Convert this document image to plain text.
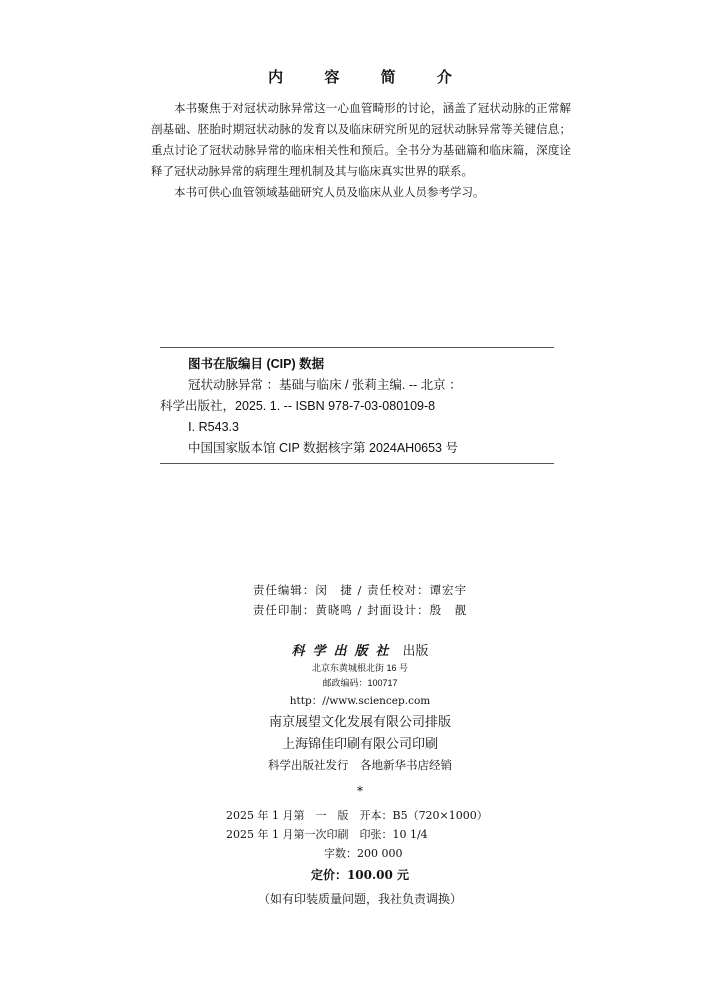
内 容 简 介

本书聚焦于对冠状动脉异常这一心血管畸形的讨论，涵盖了冠状动脉的正常解剖基础、胚胎时期冠状动脉的发育以及临床研究所见的冠状动脉异常等关键信息；重点讨论了冠状动脉异常的临床相关性和预后。全书分为基础篇和临床篇，深度诠释了冠状动脉异常的病理生理机制及其与临床真实世界的联系。

本书可供心血管领域基础研究人员及临床从业人员参考学习。

图书在版编目 (CIP) 数据
冠状动脉异常 ：基础与临床 / 张莉主编. -- 北京 ：
科学出版社，2025. 1. -- ISBN 978-7-03-080109-8
Ⅰ. R543.3
中国国家版本馆 CIP 数据核字第 2024AH0653 号
责任编辑：闵　捷 / 责任校对：谭宏宇
责任印制：黄晓鸣 / 封面设计：殷　靓
科学出版社 出版
北京东黄城根北街 16 号
邮政编码：100717
http：//www.sciencep.com
南京展望文化发展有限公司排版
上海锦佳印刷有限公司印刷
科学出版社发行　各地新华书店经销
*
2025 年 1 月第　一　版　开本：B5（720×1000）
2025 年 1 月第一次印刷　印张：10 1/4
字数：200 000
定价：100.00 元
（如有印装质量问题，我社负责调换）
